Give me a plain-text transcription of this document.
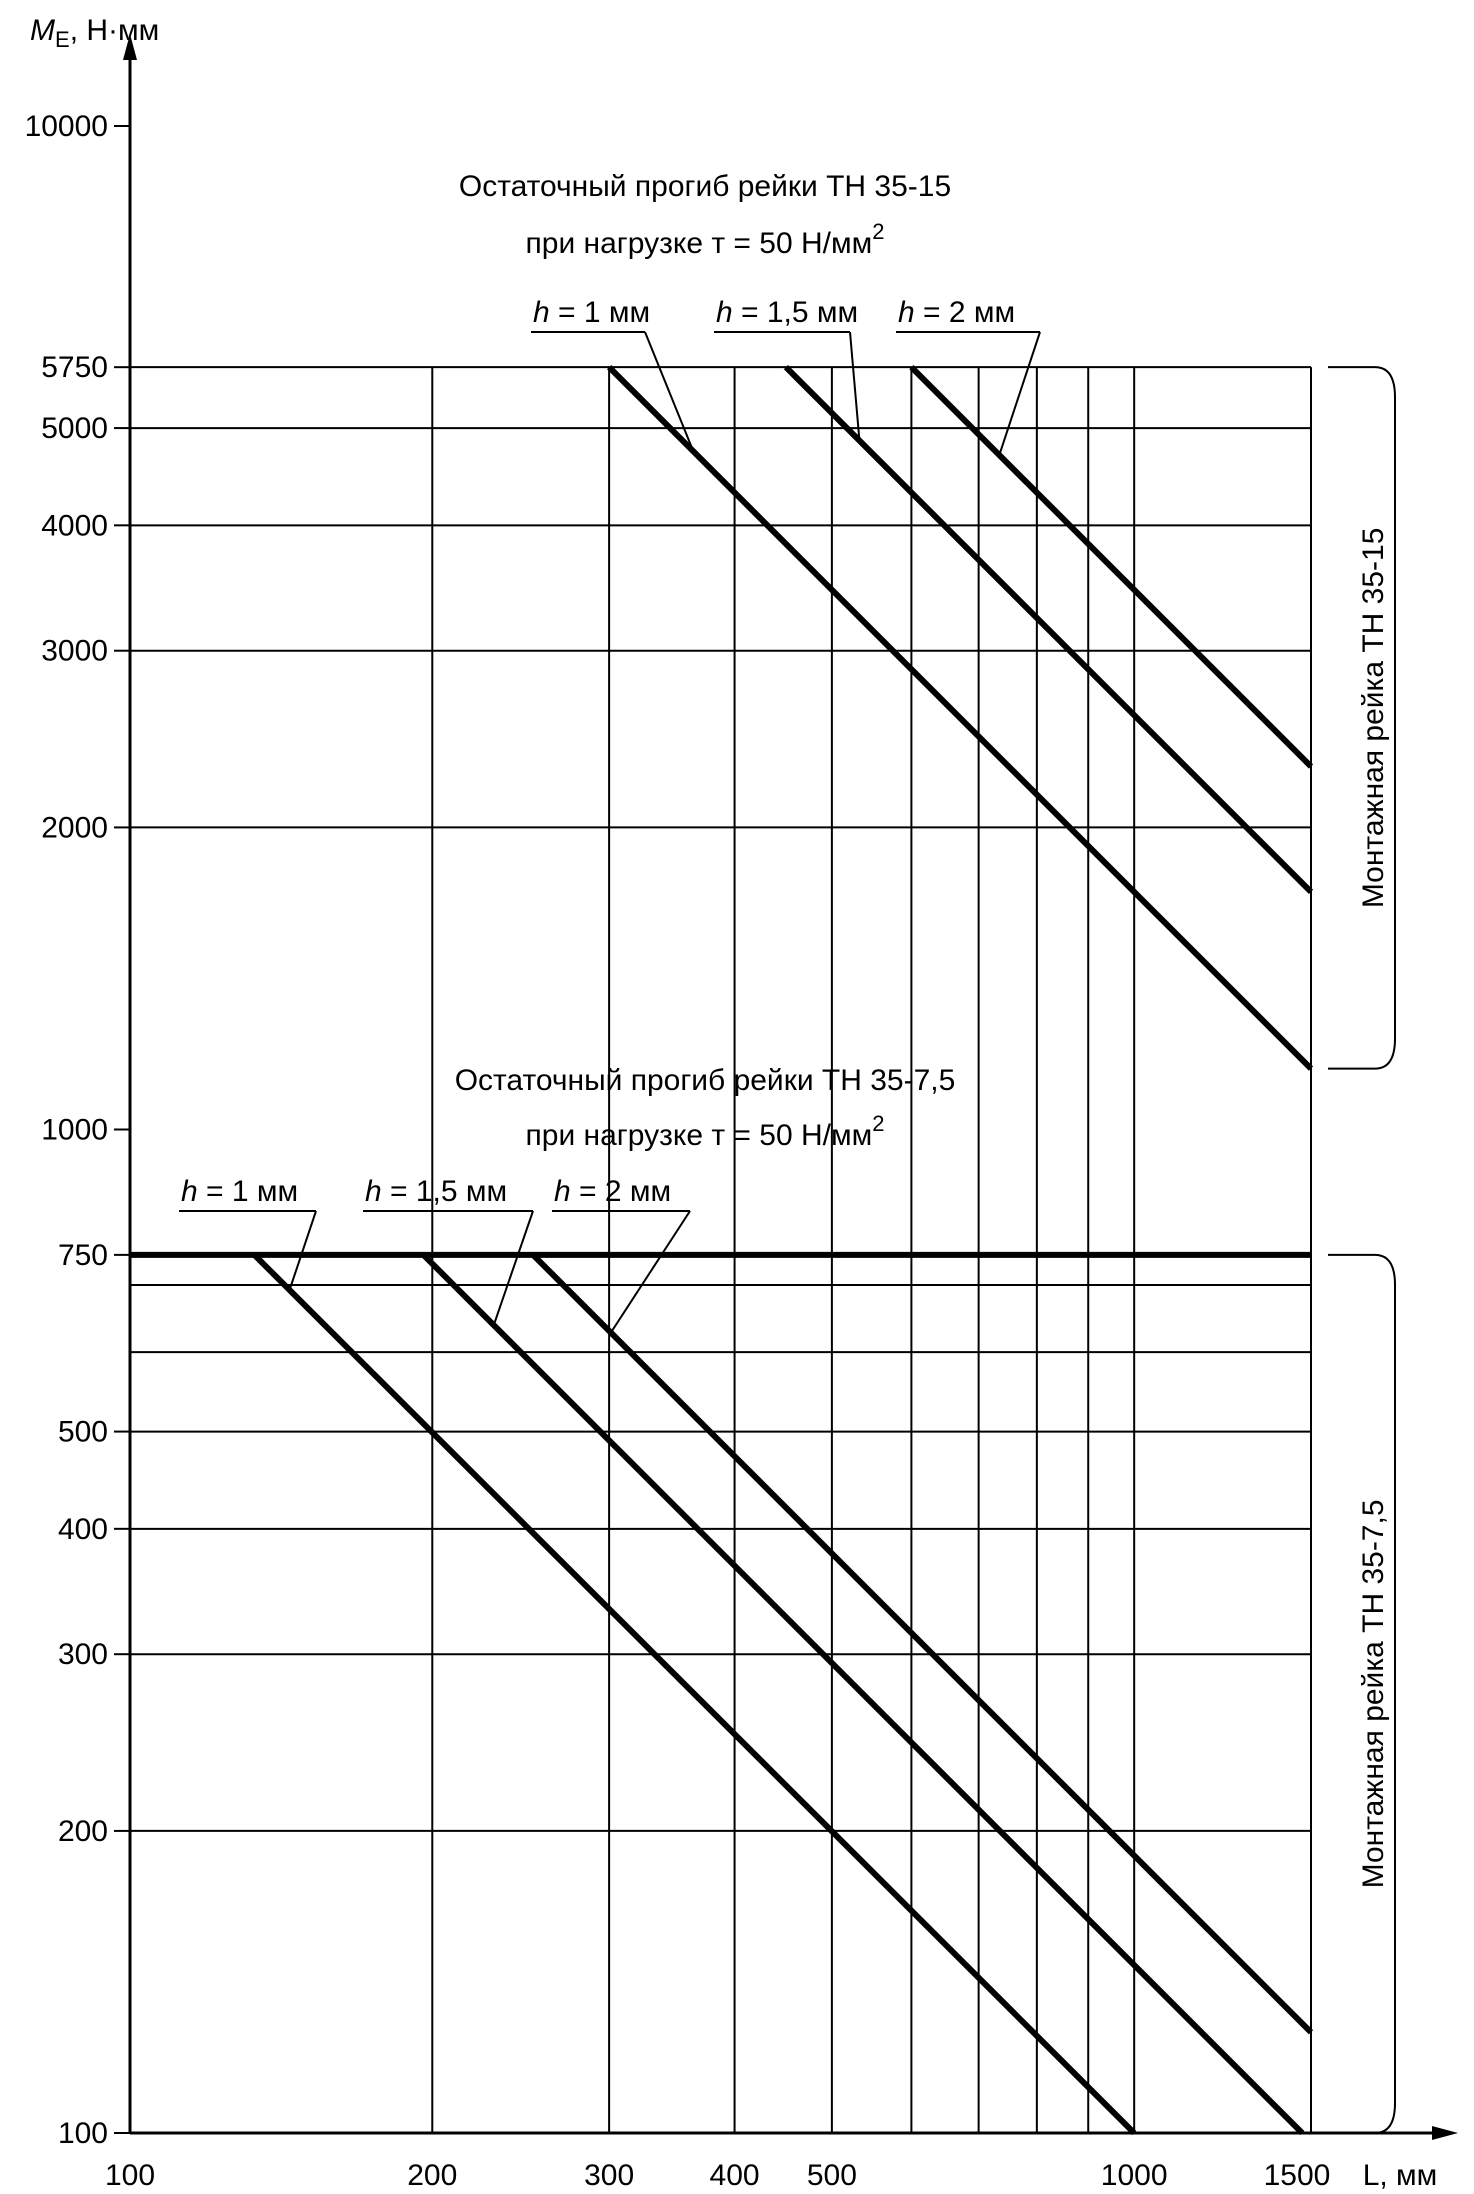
100
200
300
400
500
750
1000
2000
3000
4000
5000
5750
10000
100	200	300	400 500	1000	1500
$M_E$, Н·мм
L, мм
Остаточный прогиб рейки ТН 35-15
при нагрузке т = 50 $Н/мм^2$
h = 1 мм h = 1,5 мм h = 2 мм
Остаточный прогиб рейки ТН 35-7,5
при нагрузке т = 50 $Н/мм^2$
h = 1 мм h = 1,5 мм h = 2 мм
Монтажная рейка ТН 35-15
Монтажная рейка ТН 35-7,5
